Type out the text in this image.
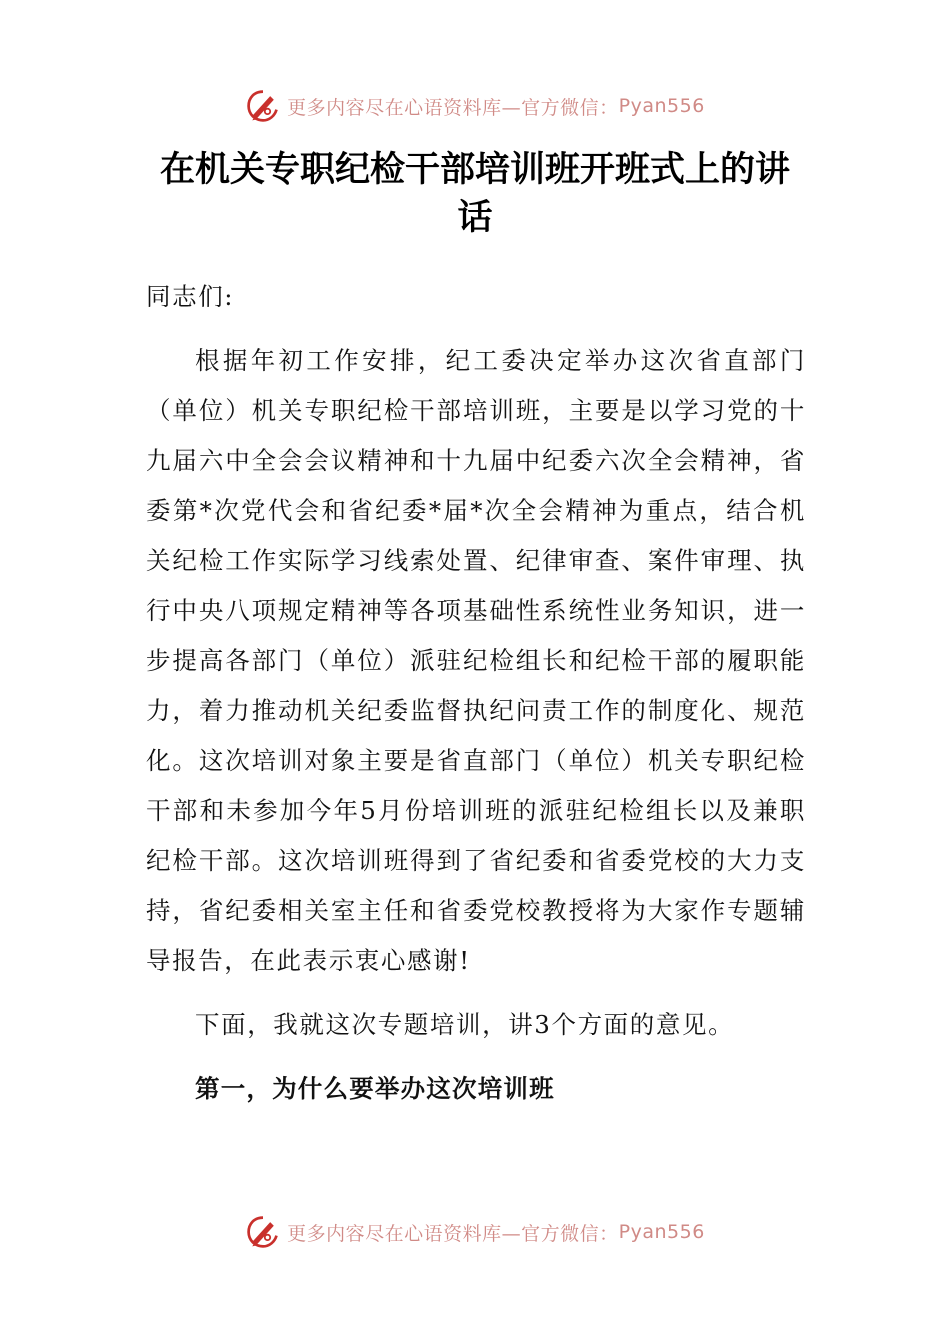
更多内容尽在心语资料库—官方微信： Pyan556
在机关专职纪检干部培训班开班式上的讲话

同志们:

根据年初工作安排，纪工委决定举办这次省直部门（单位）机关专职纪检干部培训班，主要是以学习党的十九届六中全会会议精神和十九届中纪委六次全会精神，省委第*次党代会和省纪委*届*次全会精神为重点，结合机关纪检工作实际学习线索处置、纪律审查、案件审理、执行中央八项规定精神等各项基础性系统性业务知识，进一步提高各部门（单位）派驻纪检组长和纪检干部的履职能力，着力推动机关纪委监督执纪问责工作的制度化、规范化。这次培训对象主要是省直部门（单位）机关专职纪检干部和未参加今年5月份培训班的派驻纪检组长以及兼职纪检干部。这次培训班得到了省纪委和省委党校的大力支持，省纪委相关室主任和省委党校教授将为大家作专题辅导报告，在此表示衷心感谢!

下面，我就这次专题培训，讲3个方面的意见。

第一，为什么要举办这次培训班

更多内容尽在心语资料库—官方微信： Pyan556
